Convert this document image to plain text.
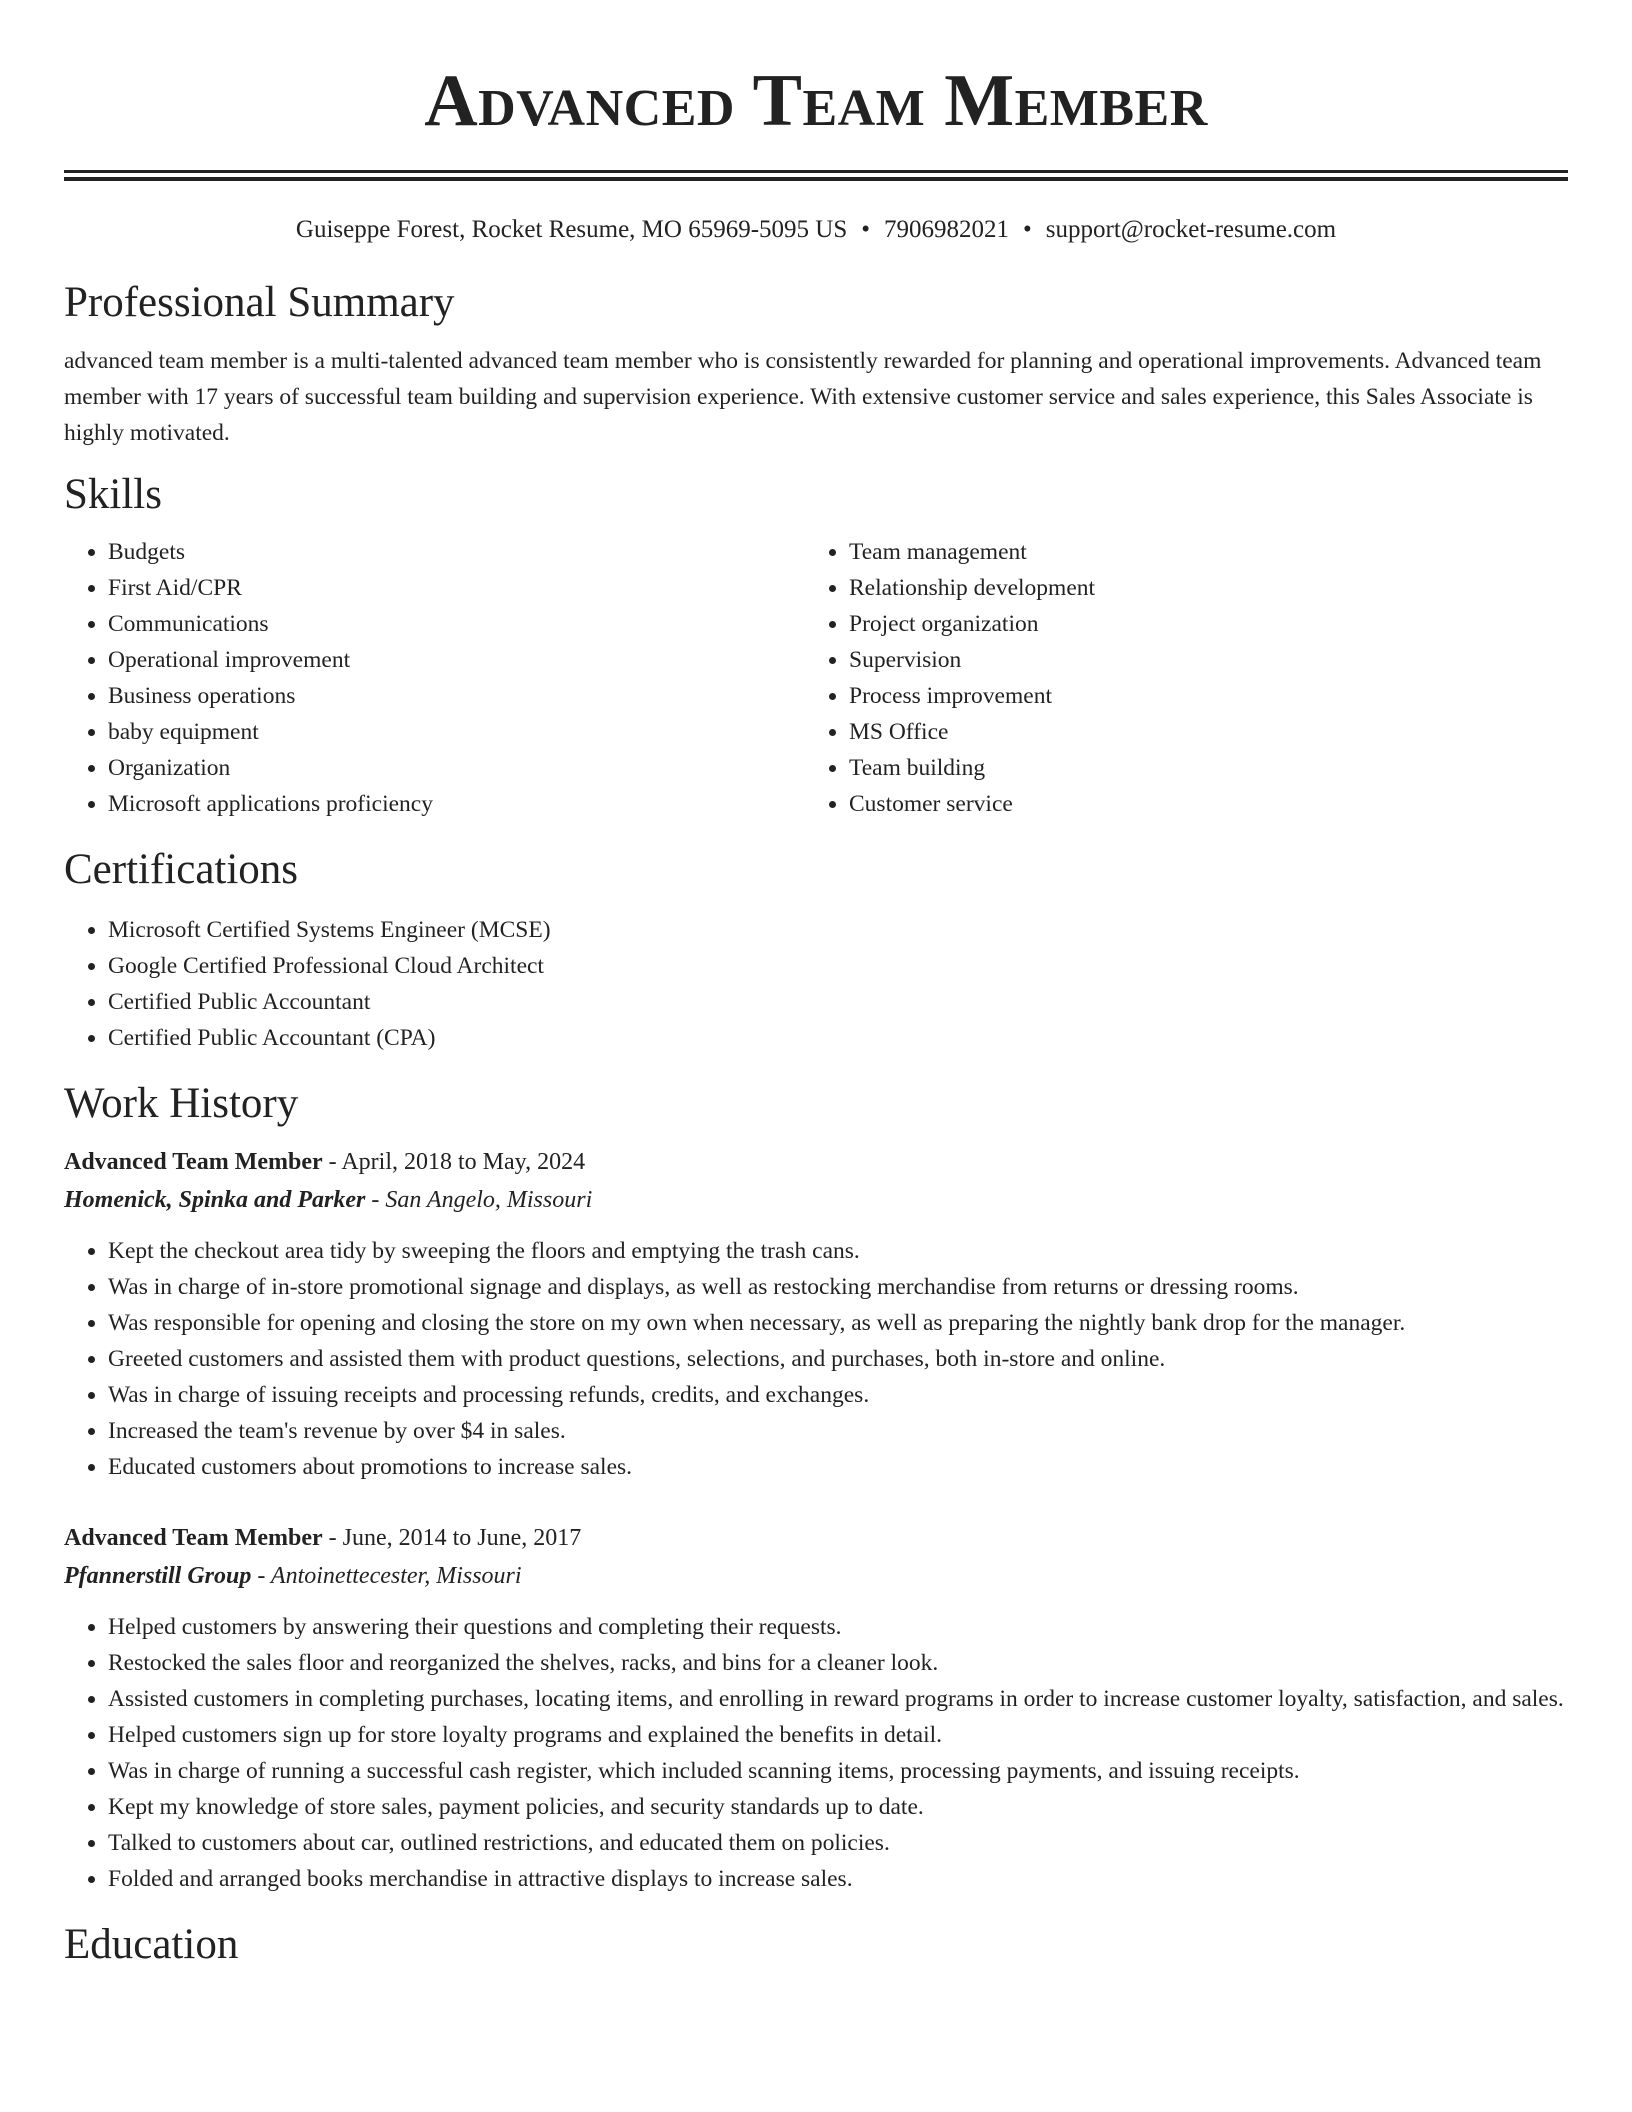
Advanced Team Member
Guiseppe Forest, Rocket Resume, MO 65969-5095 US • 7906982021 • support@rocket-resume.com
Professional Summary

advanced team member is a multi-talented advanced team member who is consistently rewarded for planning and operational improvements. Advanced team member with 17 years of successful team building and supervision experience. With extensive customer service and sales experience, this Sales Associate is highly motivated.

Skills
• Budgets
• First Aid/CPR
• Communications
• Operational improvement
• Business operations
• baby equipment
• Organization
• Microsoft applications proficiency
• Team management
• Relationship development
• Project organization
• Supervision
• Process improvement
• MS Office
• Team building
• Customer service
Certifications
• Microsoft Certified Systems Engineer (MCSE)
• Google Certified Professional Cloud Architect
• Certified Public Accountant
• Certified Public Accountant (CPA)
Work History
Advanced Team Member - April, 2018 to May, 2024
Homenick, Spinka and Parker - San Angelo, Missouri
• Kept the checkout area tidy by sweeping the floors and emptying the trash cans.
• Was in charge of in-store promotional signage and displays, as well as restocking merchandise from returns or dressing rooms.
• Was responsible for opening and closing the store on my own when necessary, as well as preparing the nightly bank drop for the manager.
• Greeted customers and assisted them with product questions, selections, and purchases, both in-store and online.
• Was in charge of issuing receipts and processing refunds, credits, and exchanges.
• Increased the team's revenue by over $4 in sales.
• Educated customers about promotions to increase sales.
Advanced Team Member - June, 2014 to June, 2017
Pfannerstill Group - Antoinettecester, Missouri
• Helped customers by answering their questions and completing their requests.
• Restocked the sales floor and reorganized the shelves, racks, and bins for a cleaner look.
• Assisted customers in completing purchases, locating items, and enrolling in reward programs in order to increase customer loyalty, satisfaction, and sales.
• Helped customers sign up for store loyalty programs and explained the benefits in detail.
• Was in charge of running a successful cash register, which included scanning items, processing payments, and issuing receipts.
• Kept my knowledge of store sales, payment policies, and security standards up to date.
• Talked to customers about car, outlined restrictions, and educated them on policies.
• Folded and arranged books merchandise in attractive displays to increase sales.
Education
